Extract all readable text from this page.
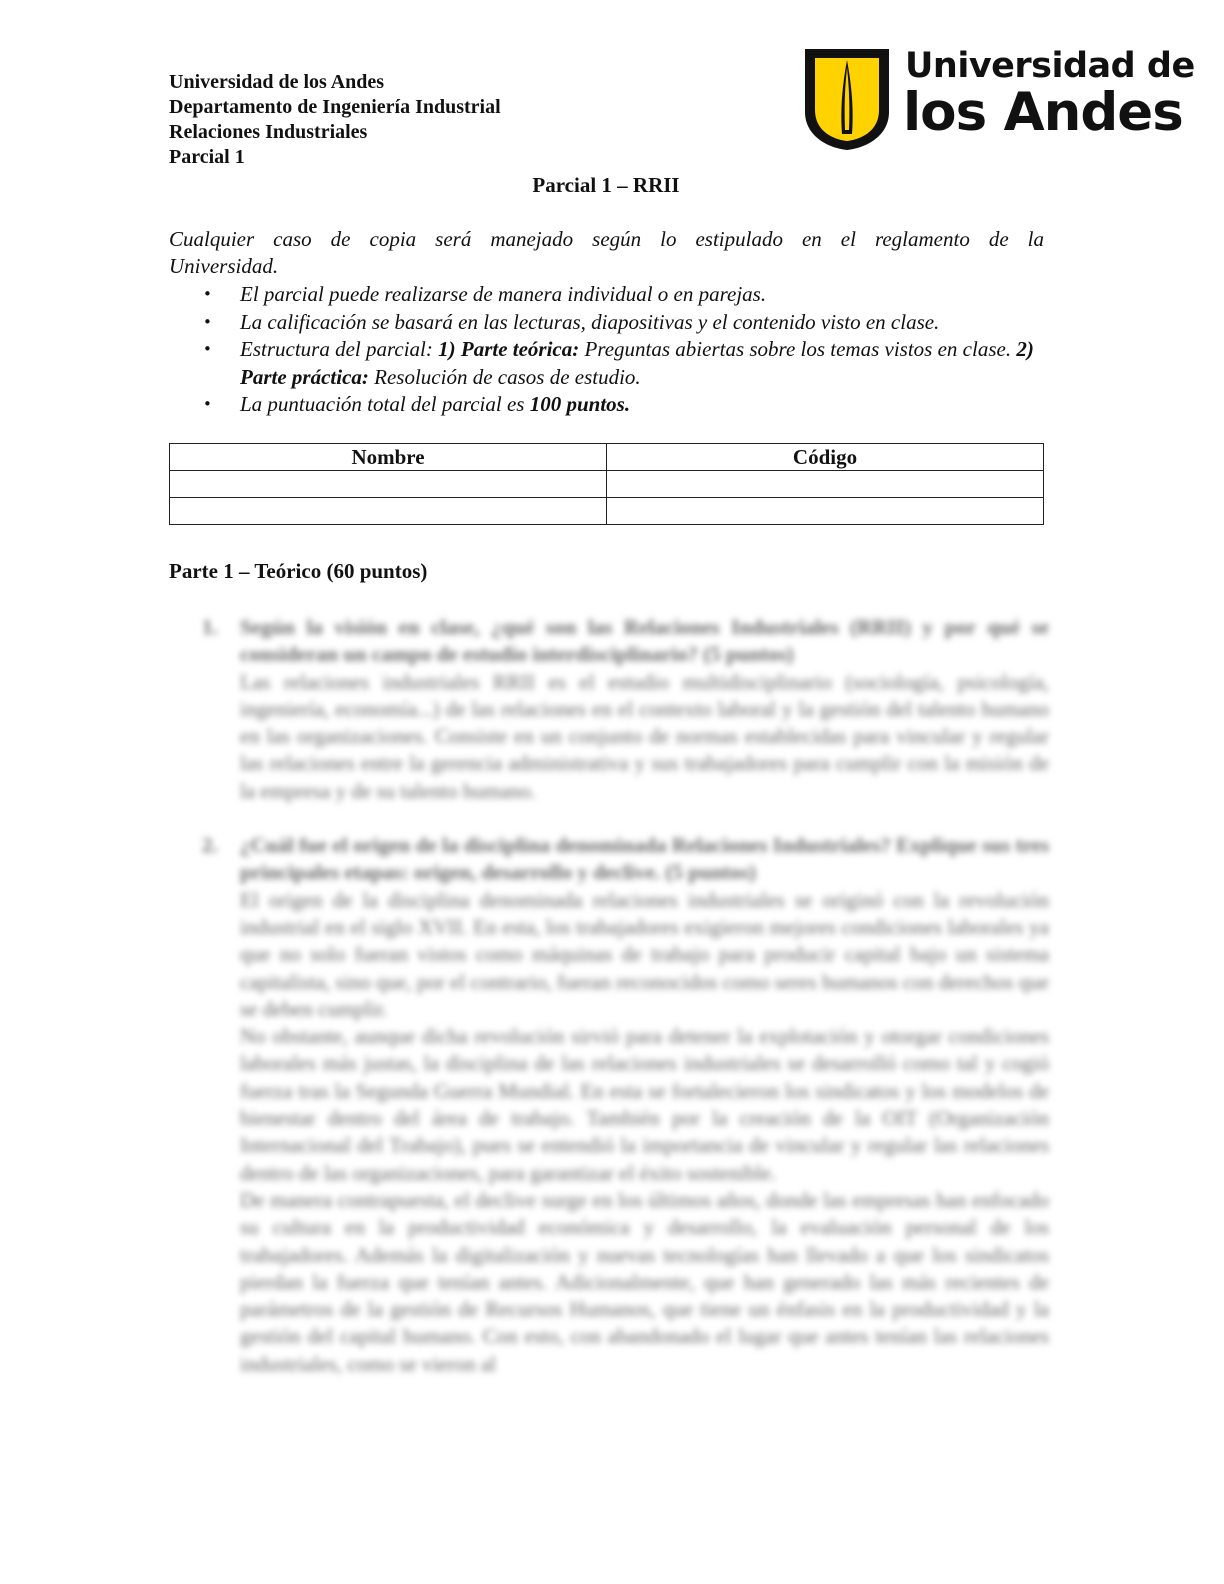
Universidad de los Andes
Departamento de Ingeniería Industrial
Relaciones Industriales
Parcial 1
Universidad de
los Andes
Parcial 1 – RRII
Cualquier caso de copia será manejado según lo estipulado en el reglamento de la
Universidad.
• El parcial puede realizarse de manera individual o en parejas.
• La calificación se basará en las lecturas, diapositivas y el contenido visto en clase.
• Estructura del parcial: 1) Parte teórica: Preguntas abiertas sobre los temas vistos en clase. 2) Parte práctica: Resolución de casos de estudio.
• La puntuación total del parcial es 100 puntos.
Nombre	Código

Parte 1 – Teórico (60 puntos)
1. Según la visión en clase, ¿qué son las Relaciones Industriales (RRII) y por qué se consideran un campo de estudio interdisciplinario? (5 puntos)

Las relaciones industriales RRII es el estudio multidisciplinario (sociología, psicología, ingeniería, economía...) de las relaciones en el contexto laboral y la gestión del talento humano en las organizaciones. Consiste en un conjunto de normas establecidas para vincular y regular las relaciones entre la gerencia administrativa y sus trabajadores para cumplir con la misión de la empresa y de su talento humano.

2. ¿Cuál fue el origen de la disciplina denominada Relaciones Industriales? Explique sus tres principales etapas: origen, desarrollo y declive. (5 puntos)

El origen de la disciplina denominada relaciones industriales se originó con la revolución industrial en el siglo XVII. En esta, los trabajadores exigieron mejores condiciones laborales ya que no solo fueran vistos como máquinas de trabajo para producir capital bajo un sistema capitalista, sino que, por el contrario, fueran reconocidos como seres humanos con derechos que se deben cumplir.

No obstante, aunque dicha revolución sirvió para detener la explotación y otorgar condiciones laborales más justas, la disciplina de las relaciones industriales se desarrolló como tal y cogió fuerza tras la Segunda Guerra Mundial. En esta se fortalecieron los sindicatos y los modelos de bienestar dentro del área de trabajo. También por la creación de la OIT (Organización Internacional del Trabajo), pues se entendió la importancia de vincular y regular las relaciones dentro de las organizaciones, para garantizar el éxito sostenible.

De manera contrapuesta, el declive surge en los últimos años, donde las empresas han enfocado su cultura en la productividad económica y desarrollo, la evaluación personal de los trabajadores. Además la digitalización y nuevas tecnologías han llevado a que los sindicatos pierdan la fuerza que tenían antes. Adicionalmente, que han generado las más recientes de parámetros de la gestión de Recursos Humanos, que tiene un énfasis en la productividad y la gestión del capital humano. Con esto, con abandonado el lugar que antes tenían las relaciones industriales, como se vieron al
